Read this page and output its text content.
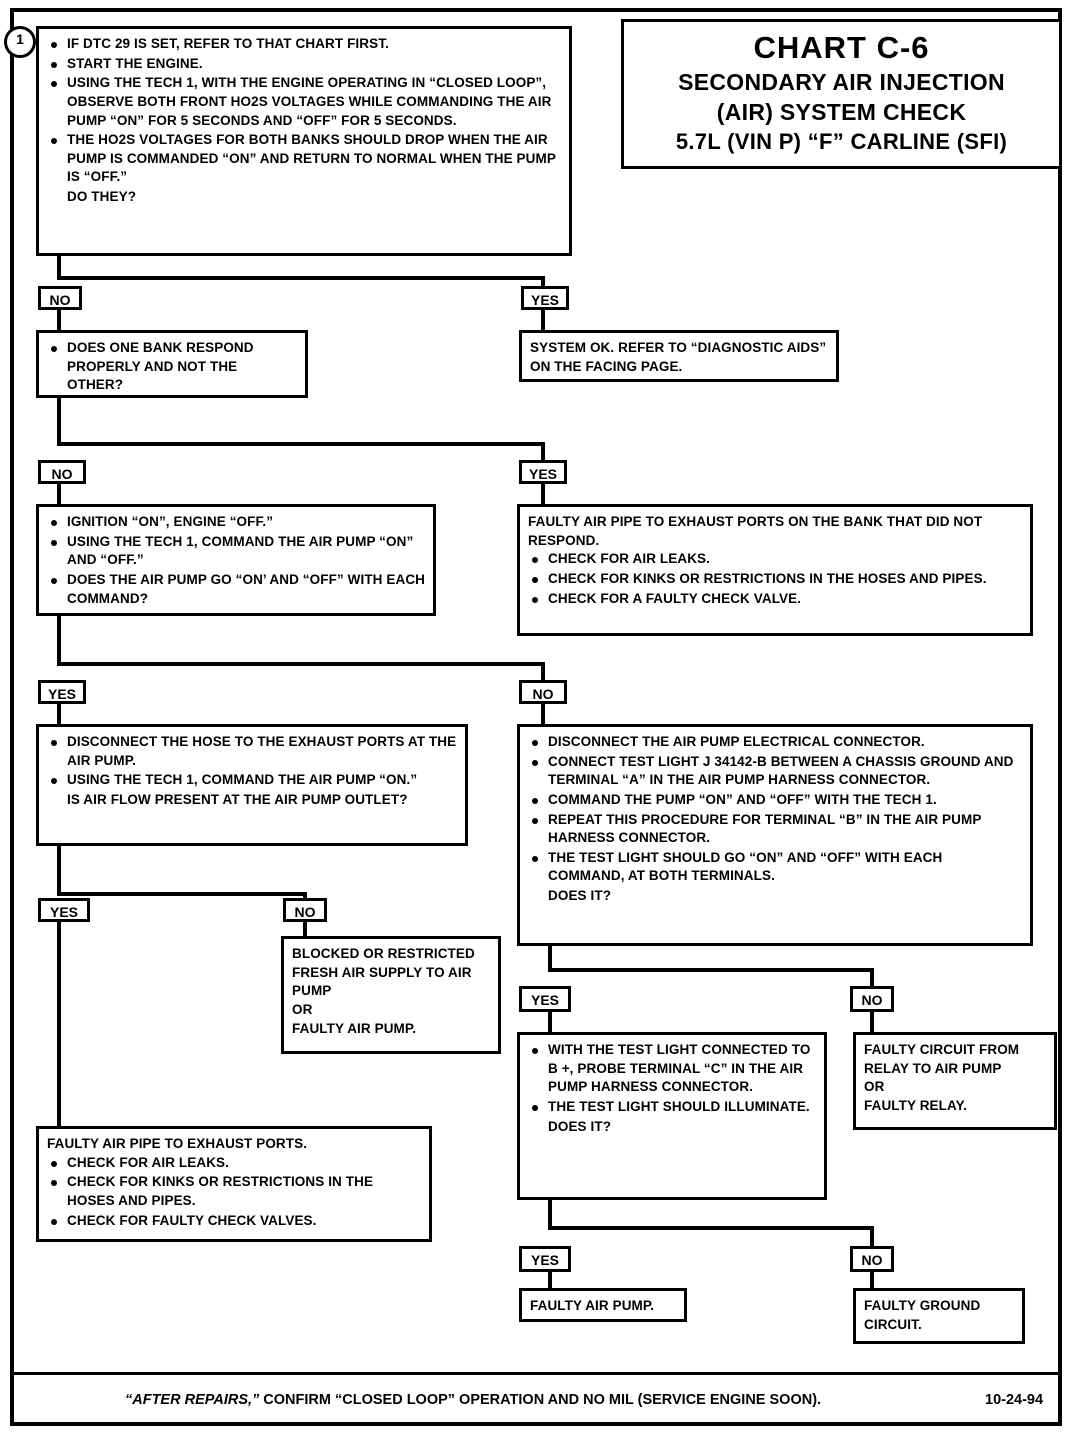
1	CHART C-6
SECONDARY AIR INJECTION
(AIR) SYSTEM CHECK
5.7L (VIN P) “F” CARLINE (SFI)
IF DTC 29 IS SET, REFER TO THAT CHART FIRST.
START THE ENGINE.
USING THE TECH 1, WITH THE ENGINE OPERATING IN “CLOSED LOOP”, OBSERVE BOTH FRONT HO2S VOLTAGES WHILE COMMANDING THE AIR PUMP “ON” FOR 5 SECONDS AND “OFF” FOR 5 SECONDS.
THE HO2S VOLTAGES FOR BOTH BANKS SHOULD DROP WHEN THE AIR PUMP IS COMMANDED “ON” AND RETURN TO NORMAL WHEN THE PUMP IS “OFF.”
DO THEY?
NO	YES
SYSTEM OK. REFER TO “DIAGNOSTIC AIDS” ON THE FACING PAGE.
DOES ONE BANK RESPOND PROPERLY AND NOT THE OTHER?
NO	YES
FAULTY AIR PIPE TO EXHAUST PORTS ON THE BANK THAT DID NOT RESPOND.
CHECK FOR AIR LEAKS.
CHECK FOR KINKS OR RESTRICTIONS IN THE HOSES AND PIPES.
CHECK FOR A FAULTY CHECK VALVE.
IGNITION “ON”, ENGINE “OFF.”
USING THE TECH 1, COMMAND THE AIR PUMP “ON” AND “OFF.”
DOES THE AIR PUMP GO “ON’ AND “OFF” WITH EACH COMMAND?
YES	NO
DISCONNECT THE HOSE TO THE EXHAUST PORTS AT THE AIR PUMP.
USING THE TECH 1, COMMAND THE AIR PUMP “ON.”
IS AIR FLOW PRESENT AT THE AIR PUMP OUTLET?
DISCONNECT THE AIR PUMP ELECTRICAL CONNECTOR.
CONNECT TEST LIGHT J 34142-B BETWEEN A CHASSIS GROUND AND TERMINAL “A” IN THE AIR PUMP HARNESS CONNECTOR.
COMMAND THE PUMP “ON” AND “OFF” WITH THE TECH 1.
REPEAT THIS PROCEDURE FOR TERMINAL “B” IN THE AIR PUMP HARNESS CONNECTOR.
THE TEST LIGHT SHOULD GO “ON” AND “OFF” WITH EACH COMMAND, AT BOTH TERMINALS.
DOES IT?
YES	NO
BLOCKED OR RESTRICTED
FRESH AIR SUPPLY TO AIR
PUMP
OR
FAULTY AIR PUMP.
FAULTY AIR PIPE TO EXHAUST PORTS.
CHECK FOR AIR LEAKS.
CHECK FOR KINKS OR RESTRICTIONS IN THE HOSES AND PIPES.
CHECK FOR FAULTY CHECK VALVES.
YES	NO
FAULTY CIRCUIT FROM
RELAY TO AIR PUMP
OR
FAULTY RELAY.
WITH THE TEST LIGHT CONNECTED TO B +, PROBE TERMINAL “C” IN THE AIR PUMP HARNESS CONNECTOR.
THE TEST LIGHT SHOULD ILLUMINATE.
DOES IT?
YES	NO
FAULTY AIR PUMP.	FAULTY GROUND
CIRCUIT.
“AFTER REPAIRS,” CONFIRM “CLOSED LOOP” OPERATION AND NO MIL (SERVICE ENGINE SOON).	10-24-94
